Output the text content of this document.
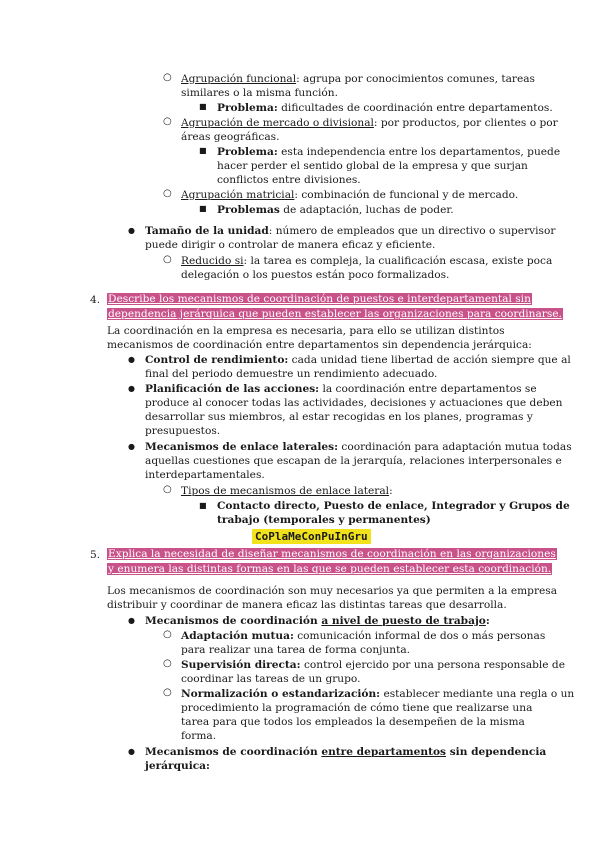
○ Agrupación funcional: agrupa por conocimientos comunes, tareas
similares o la misma función.
■ Problema: dificultades de coordinación entre departamentos.
○ Agrupación de mercado o divisional: por productos, por clientes o por
áreas geográficas.
■ Problema: esta independencia entre los departamentos, puede
hacer perder el sentido global de la empresa y que surjan
conflictos entre divisiones.
○ Agrupación matricial: combinación de funcional y de mercado.
■ Problemas de adaptación, luchas de poder.
● Tamaño de la unidad: número de empleados que un directivo o supervisor
puede dirigir o controlar de manera eficaz y eficiente.
○ Reducido si: la tarea es compleja, la cualificación escasa, existe poca
delegación o los puestos están poco formalizados.
4. Describe los mecanismos de coordinación de puestos e interdepartamental sin
dependencia jerárquica que pueden establecer las organizaciones para coordinarse.
La coordinación en la empresa es necesaria, para ello se utilizan distintos
mecanismos de coordinación entre departamentos sin dependencia jerárquica:
● Control de rendimiento: cada unidad tiene libertad de acción siempre que al
final del periodo demuestre un rendimiento adecuado.
● Planificación de las acciones: la coordinación entre departamentos se
produce al conocer todas las actividades, decisiones y actuaciones que deben
desarrollar sus miembros, al estar recogidas en los planes, programas y
presupuestos.
● Mecanismos de enlace laterales: coordinación para adaptación mutua todas
aquellas cuestiones que escapan de la jerarquía, relaciones interpersonales e
interdepartamentales.
○ Tipos de mecanismos de enlace lateral:
■ Contacto directo, Puesto de enlace, Integrador y Grupos de
trabajo (temporales y permanentes)
CoPlaMeConPuInGru
5. Explica la necesidad de diseñar mecanismos de coordinación en las organizaciones
y enumera las distintas formas en las que se pueden establecer esta coordinación.
Los mecanismos de coordinación son muy necesarios ya que permiten a la empresa
distribuir y coordinar de manera eficaz las distintas tareas que desarrolla.
● Mecanismos de coordinación a nivel de puesto de trabajo:
○ Adaptación mutua: comunicación informal de dos o más personas
para realizar una tarea de forma conjunta.
○ Supervisión directa: control ejercido por una persona responsable de
coordinar las tareas de un grupo.
○ Normalización o estandarización: establecer mediante una regla o un
procedimiento la programación de cómo tiene que realizarse una
tarea para que todos los empleados la desempeñen de la misma
forma.
● Mecanismos de coordinación entre departamentos sin dependencia
jerárquica:
